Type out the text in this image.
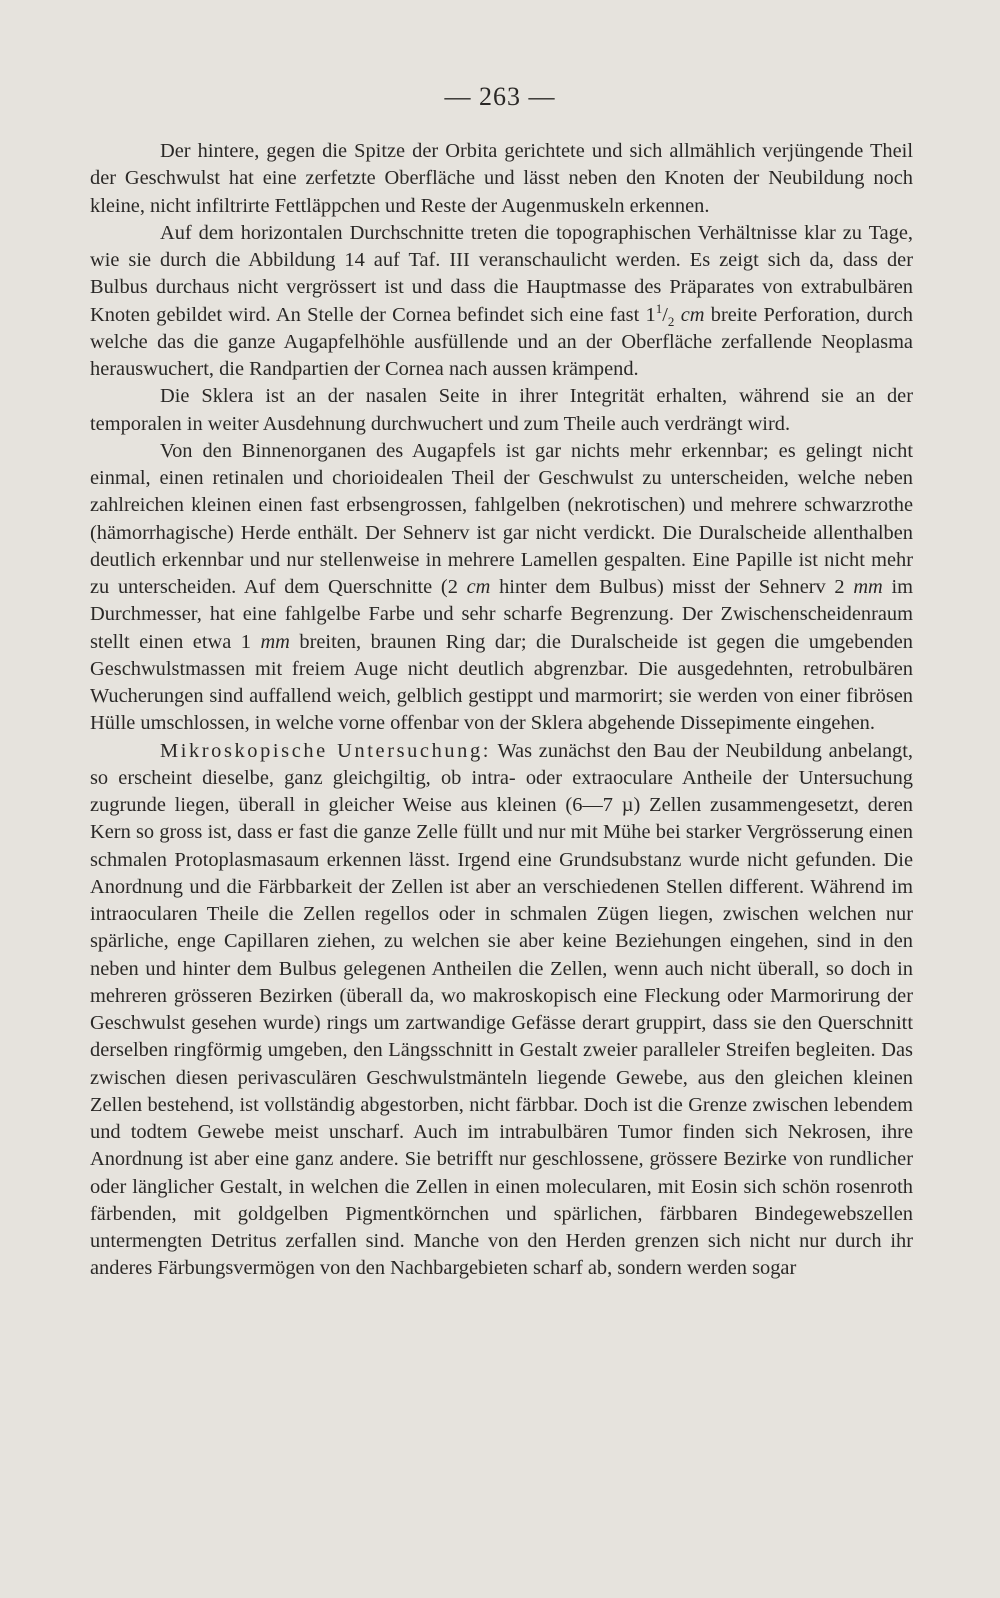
— 263 —

Der hintere, gegen die Spitze der Orbita gerichtete und sich allmählich verjüngende Theil der Geschwulst hat eine zerfetzte Oberfläche und lässt neben den Knoten der Neubildung noch kleine, nicht infiltrirte Fettläppchen und Reste der Augenmuskeln erkennen.

Auf dem horizontalen Durchschnitte treten die topographischen Verhältnisse klar zu Tage, wie sie durch die Abbildung 14 auf Taf. III veranschaulicht werden. Es zeigt sich da, dass der Bulbus durchaus nicht vergrössert ist und dass die Hauptmasse des Präparates von extrabulbären Knoten gebildet wird. An Stelle der Cornea befindet sich eine fast $1^1/_2$ cm breite Perforation, durch welche das die ganze Augapfelhöhle ausfüllende und an der Oberfläche zerfallende Neoplasma herauswuchert, die Randpartien der Cornea nach aussen krämpend.

Die Sklera ist an der nasalen Seite in ihrer Integrität erhalten, während sie an der temporalen in weiter Ausdehnung durchwuchert und zum Theile auch verdrängt wird.

Von den Binnenorganen des Augapfels ist gar nichts mehr erkennbar; es gelingt nicht einmal, einen retinalen und chorioidealen Theil der Geschwulst zu unterscheiden, welche neben zahlreichen kleinen einen fast erbsengrossen, fahlgelben (nekrotischen) und mehrere schwarzrothe (hämorrhagische) Herde enthält. Der Sehnerv ist gar nicht verdickt. Die Duralscheide allenthalben deutlich erkennbar und nur stellenweise in mehrere Lamellen gespalten. Eine Papille ist nicht mehr zu unterscheiden. Auf dem Querschnitte (2 cm hinter dem Bulbus) misst der Sehnerv 2 mm im Durchmesser, hat eine fahlgelbe Farbe und sehr scharfe Begrenzung. Der Zwischenscheidenraum stellt einen etwa 1 mm breiten, braunen Ring dar; die Duralscheide ist gegen die umgebenden Geschwulstmassen mit freiem Auge nicht deutlich abgrenzbar. Die ausgedehnten, retrobulbären Wucherungen sind auffallend weich, gelblich gestippt und marmorirt; sie werden von einer fibrösen Hülle umschlossen, in welche vorne offenbar von der Sklera abgehende Dissepimente eingehen.

Mikroskopische Untersuchung: Was zunächst den Bau der Neubildung anbelangt, so erscheint dieselbe, ganz gleichgiltig, ob intra- oder extraoculare Antheile der Untersuchung zugrunde liegen, überall in gleicher Weise aus kleinen (6—7 µ) Zellen zusammengesetzt, deren Kern so gross ist, dass er fast die ganze Zelle füllt und nur mit Mühe bei starker Vergrösserung einen schmalen Protoplasmasaum erkennen lässt. Irgend eine Grundsubstanz wurde nicht gefunden. Die Anordnung und die Färbbarkeit der Zellen ist aber an verschiedenen Stellen different. Während im intraocularen Theile die Zellen regellos oder in schmalen Zügen liegen, zwischen welchen nur spärliche, enge Capillaren ziehen, zu welchen sie aber keine Beziehungen eingehen, sind in den neben und hinter dem Bulbus gelegenen Antheilen die Zellen, wenn auch nicht überall, so doch in mehreren grösseren Bezirken (überall da, wo makroskopisch eine Fleckung oder Marmorirung der Geschwulst gesehen wurde) rings um zartwandige Gefässe derart gruppirt, dass sie den Querschnitt derselben ringförmig umgeben, den Längsschnitt in Gestalt zweier paralleler Streifen begleiten. Das zwischen diesen perivasculären Geschwulstmänteln liegende Gewebe, aus den gleichen kleinen Zellen bestehend, ist vollständig abgestorben, nicht färbbar. Doch ist die Grenze zwischen lebendem und todtem Gewebe meist unscharf. Auch im intrabulbären Tumor finden sich Nekrosen, ihre Anordnung ist aber eine ganz andere. Sie betrifft nur geschlossene, grössere Bezirke von rundlicher oder länglicher Gestalt, in welchen die Zellen in einen molecularen, mit Eosin sich schön rosenroth färbenden, mit goldgelben Pigmentkörnchen und spärlichen, färbbaren Bindegewebszellen untermengten Detritus zerfallen sind. Manche von den Herden grenzen sich nicht nur durch ihr anderes Färbungsvermögen von den Nachbargebieten scharf ab, sondern werden sogar
